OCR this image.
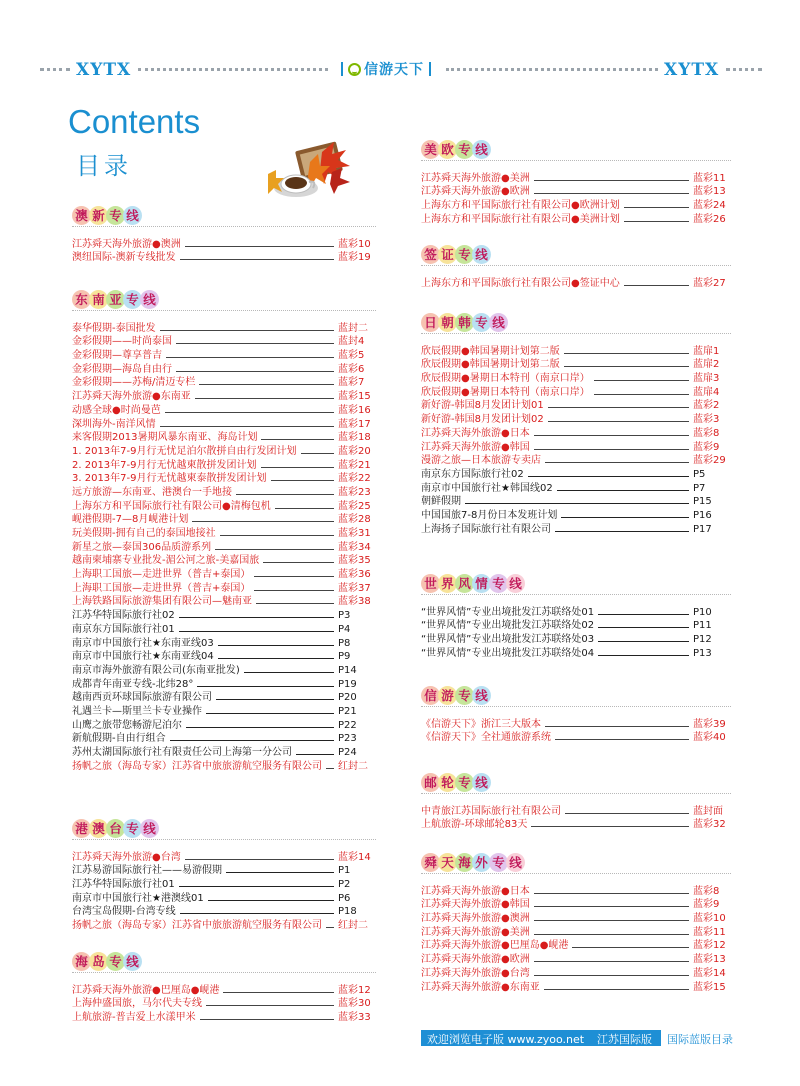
XYTX	信游天下	XYTX
Contents
目录
澳 新 专 线
江苏舜天海外旅游●澳洲	蓝彩10
澳纽国际-澳新专线批发	蓝彩19
东 南 亚 专 线
泰华假期-泰国批发	蓝封二
金彩假期——时尚泰国	蓝封4
金彩假期—尊享普吉	蓝彩5
金彩假期—海岛自由行	蓝彩6
金彩假期——苏梅/清迈专栏	蓝彩7
江苏舜天海外旅游●东南亚	蓝彩15
动感全球●时尚曼芭	蓝彩16
深圳海外-南洋风情	蓝彩17
来客假期2013暑期风暴东南亚、海岛计划	蓝彩18
1. 2013年7-9月行无忧足泊尔散拼自由行发团计划	蓝彩20
2. 2013年7-9月行无忧越柬散拼发团计划	蓝彩21
3. 2013年7-9月行无忧越柬泰散拼发团计划	蓝彩22
远方旅游—东南亚、港澳台一手地接	蓝彩23
上海东方和平国际旅行社有限公司●清梅包机	蓝彩25
岘港假期-7—8月岘港计划	蓝彩28
玩美假期-拥有自己的泰国地接社	蓝彩31
新星之旅—泰国306品质游系列	蓝彩34
越南柬埔寨专业批发-湄公河之旅-美嘉国旅	蓝彩35
上海职工国旅—走进世界（普吉+泰国）	蓝彩36
上海职工国旅—走进世界（普吉+泰国）	蓝彩37
上海铁路国际旅游集团有限公司—魅南亚	蓝彩38
江苏华特国际旅行社02	P3
南京东方国际旅行社01	P4
南京市中国旅行社★东南亚线03	P8
南京市中国旅行社★东南亚线04	P9
南京市海外旅游有限公司(东南亚批发)	P14
成都青年南亚专线-北纬28°	P19
越南西贡环球国际旅游有限公司	P20
礼遇兰卡—斯里兰卡专业操作	P21
山鹰之旅带您畅游尼泊尔	P22
新航假期-自由行组合	P23
苏州太湖国际旅行社有限责任公司上海第一分公司	P24
扬帆之旅（海岛专家）江苏省中旅旅游航空服务有限公司 红封二
港 澳 台 专 线
江苏舜天海外旅游●台湾	蓝彩14
江苏易游国际旅行社——易游假期	P1
江苏华特国际旅行社01	P2
南京市中国旅行社★港澳线01	P6
台湾宝岛假期-台湾专线	P18
扬帆之旅（海岛专家）江苏省中旅旅游航空服务有限公司 红封二
海 岛 专 线
江苏舜天海外旅游●巴厘岛●岘港	蓝彩12
上海仲盛国旅，马尔代夫专线	蓝彩30
上航旅游-普吉爱上水漾甲米	蓝彩33
美 欧 专 线
江苏舜天海外旅游●美洲	蓝彩11
江苏舜天海外旅游●欧洲	蓝彩13
上海东方和平国际旅行社有限公司●欧洲计划	蓝彩24
上海东方和平国际旅行社有限公司●美洲计划	蓝彩26
签 证 专 线
上海东方和平国际旅行社有限公司●签证中心	蓝彩27
日 朝 韩 专 线
欣辰假期●韩国暑期计划第二版	蓝扉1
欣辰假期●韩国暑期计划第二版	蓝扉2
欣辰假期●暑期日本特刊（南京口岸）	蓝扉3
欣辰假期●暑期日本特刊（南京口岸）	蓝扉4
新好游-韩国8月发团计划01	蓝彩2
新好游-韩国8月发团计划02	蓝彩3
江苏舜天海外旅游●日本	蓝彩8
江苏舜天海外旅游●韩国	蓝彩9
漫游之旅—日本旅游专卖店	蓝彩29
南京东方国际旅行社02	P5
南京市中国旅行社★韩国线02	P7
朝鲜假期	P15
中国国旅7-8月份日本发班计划	P16
上海扬子国际旅行社有限公司	P17
世 界 风 情 专 线
“世界风情”专业出境批发江苏联络处01	P10
“世界风情”专业出境批发江苏联络处02	P11
“世界风情”专业出境批发江苏联络处03	P12
“世界风情”专业出境批发江苏联络处04	P13
信 游 专 线
《信游天下》浙江三大版本	蓝彩39
《信游天下》全社通旅游系统	蓝彩40
邮 轮 专 线
中青旅江苏国际旅行社有限公司	蓝封面
上航旅游-环球邮轮83天	蓝彩32
舜 天 海 外 专 线
江苏舜天海外旅游●日本	蓝彩8
江苏舜天海外旅游●韩国	蓝彩9
江苏舜天海外旅游●澳洲	蓝彩10
江苏舜天海外旅游●美洲	蓝彩11
江苏舜天海外旅游●巴厘岛●岘港	蓝彩12
江苏舜天海外旅游●欧洲	蓝彩13
江苏舜天海外旅游●台湾	蓝彩14
江苏舜天海外旅游●东南亚	蓝彩15
欢迎浏览电子版 www.zyoo.net 江苏国际版 国际蓝版 目录
